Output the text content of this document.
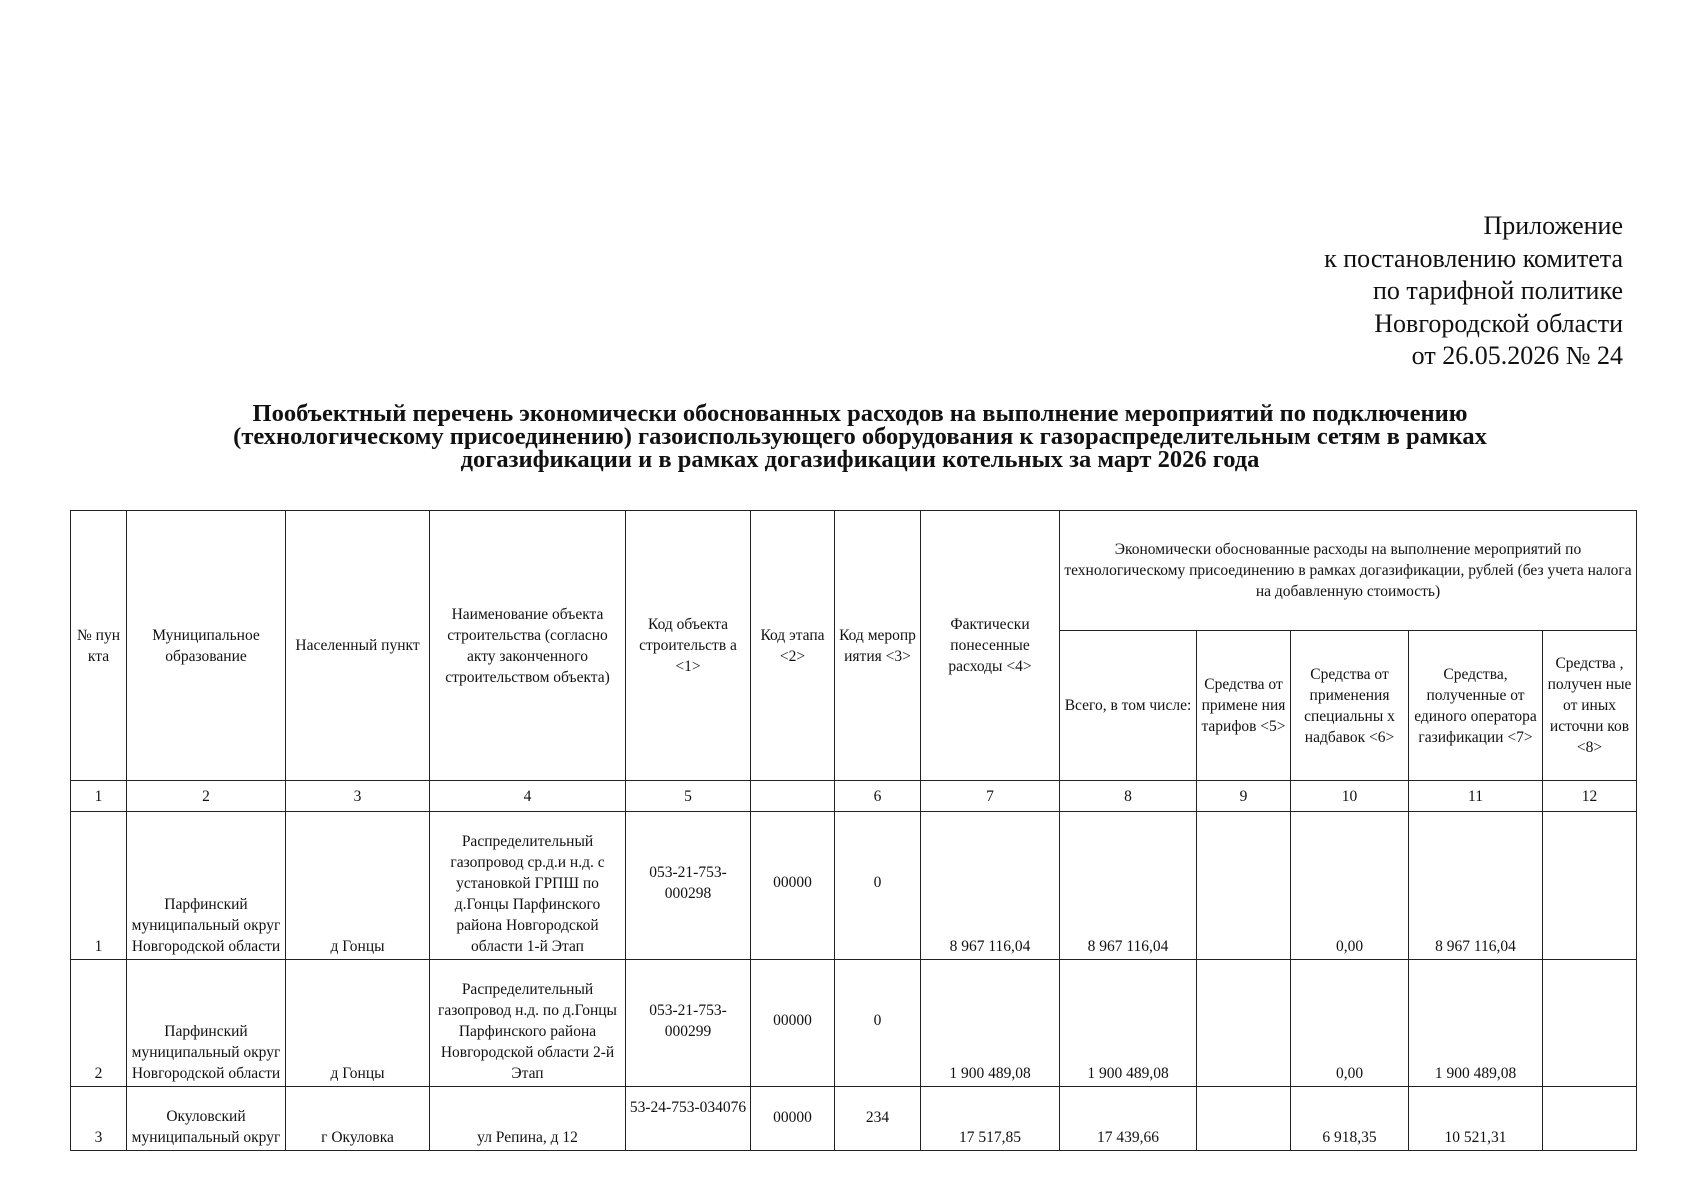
Приложение
к постановлению комитета
по тарифной политике
Новгородской области
от 26.05.2026 № 24
Пообъектный перечень экономически обоснованных расходов на выполнение мероприятий по подключению
(технологическому присоединению) газоиспользующего оборудования к газораспределительным сетям в рамках
догазификации и в рамках догазификации котельных за март 2026 года
№ пун кта	Муниципальное образование	Населенный пункт	Наименование объекта строительства (согласно акту законченного строительством объекта)	Код объекта строительств а <1>	Код этапа <2>	Код меропр иятия <3>	Фактически понесенные расходы <4>	Экономически обоснованные расходы на выполнение мероприятий по технологическому присоединению в рамках догазификации, рублей (без учета налога на добавленную стоимость)				
								Всего, в том числе:	Средства от примене ния тарифов <5>	Средства от применения специальны х надбавок <6>	Средства, полученные от единого оператора газификации <7>	Средства , получен ные от иных источни ков <8>
1	2	3	4	5		6	7	8	9	10	11	12
1	Парфинский муниципальный округ Новгородской области	д Гонцы	Распределительный газопровод ср.д.и н.д. с установкой ГРПШ по д.Гонцы Парфинского района Новгородской области 1-й Этап	053-21-753-000298	00000	0	8 967 116,04	8 967 116,04		0,00	8 967 116,04	
2	Парфинский муниципальный округ Новгородской области	д Гонцы	Распределительный газопровод н.д. по д.Гонцы Парфинского района Новгородской области 2-й Этап	053-21-753-000299	00000	0	1 900 489,08	1 900 489,08		0,00	1 900 489,08	
3	Окуловский муниципальный округ	г Окуловка	ул Репина, д 12	53-24-753-034076	00000	234	17 517,85	17 439,66		6 918,35	10 521,31	
